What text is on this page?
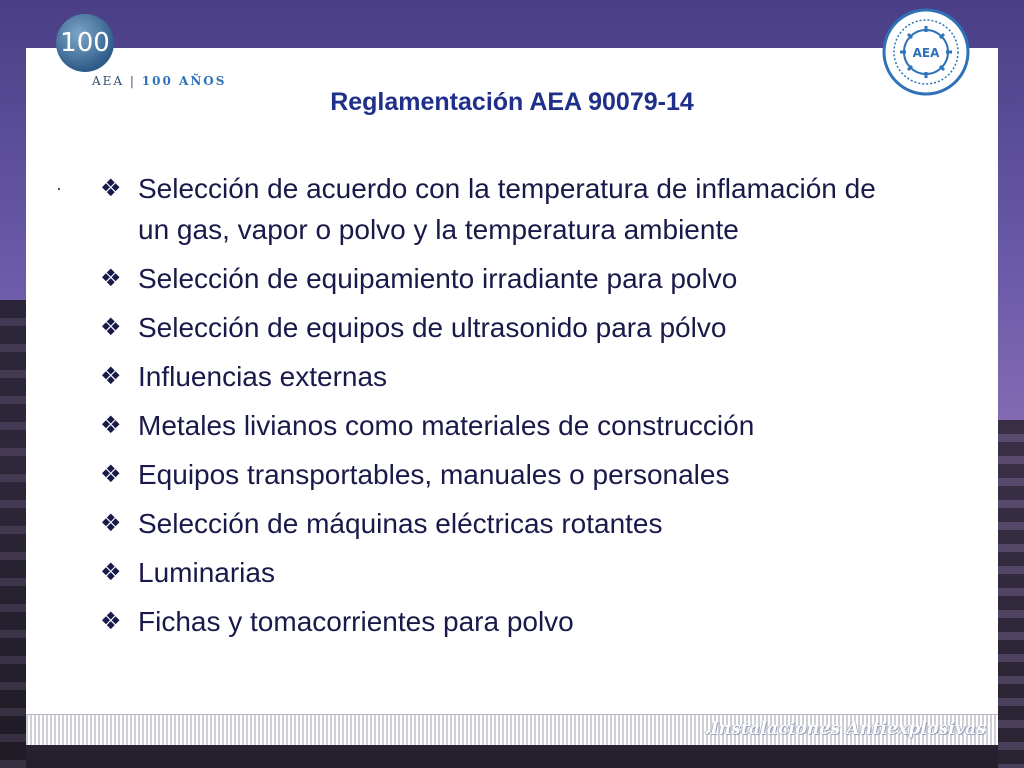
100
AEA | 100 AÑOS
AEA
Reglamentación AEA 90079-14
· ❖ Selección de acuerdo con la temperatura de inflamación de un gas, vapor o polvo y la temperatura ambiente
❖ Selección de equipamiento irradiante para polvo
❖ Selección de equipos de ultrasonido para pólvo
❖ Influencias externas
❖ Metales livianos como materiales de construcción
❖ Equipos transportables, manuales o personales
❖ Selección de máquinas eléctricas rotantes
❖ Luminarias
❖ Fichas y tomacorrientes para polvo
.Instalaciones Antiexplosivas
